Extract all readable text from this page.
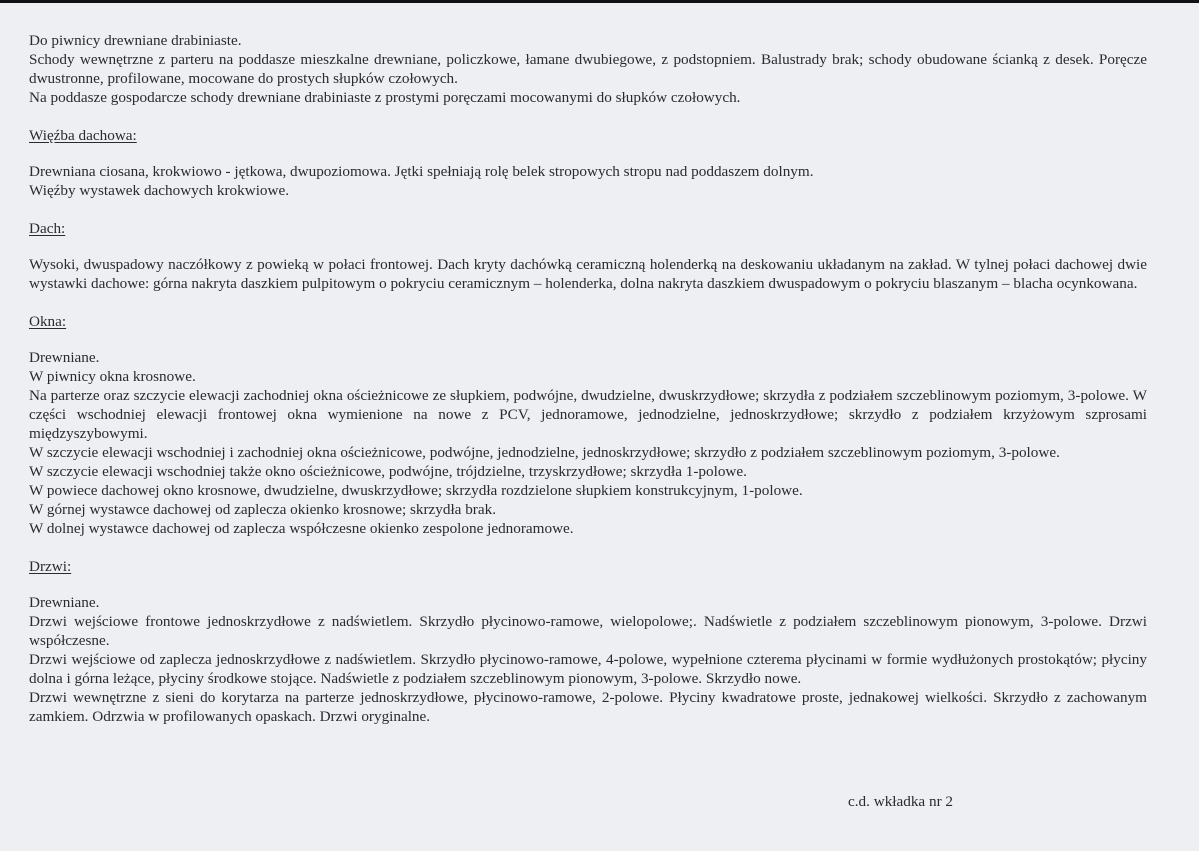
Do piwnicy drewniane drabiniaste.

Schody wewnętrzne z parteru na poddasze mieszkalne drewniane, policzkowe, łamane dwubiegowe, z podstopniem. Balustrady brak; schody obudowane ścianką z desek. Poręcze dwustronne, profilowane, mocowane do prostych słupków czołowych.

Na poddasze gospodarcze schody drewniane drabiniaste z prostymi poręczami mocowanymi do słupków czołowych.

Więźba dachowa:

Drewniana ciosana, krokwiowo - jętkowa, dwupoziomowa. Jętki spełniają rolę belek stropowych stropu nad poddaszem dolnym.

Więźby wystawek dachowych krokwiowe.

Dach:

Wysoki, dwuspadowy naczółkowy z powieką w połaci frontowej. Dach kryty dachówką ceramiczną holenderką na deskowaniu układanym na zakład. W tylnej połaci dachowej dwie wystawki dachowe: górna nakryta daszkiem pulpitowym o pokryciu ceramicznym – holenderka, dolna nakryta daszkiem dwuspadowym o pokryciu blaszanym – blacha ocynkowana.

Okna:

Drewniane.

W piwnicy okna krosnowe.

Na parterze oraz szczycie elewacji zachodniej okna ościeżnicowe ze słupkiem, podwójne, dwudzielne, dwuskrzydłowe; skrzydła z podziałem szczeblinowym poziomym, 3-polowe. W części wschodniej elewacji frontowej okna wymienione na nowe z PCV, jednoramowe, jednodzielne, jednoskrzydłowe; skrzydło z podziałem krzyżowym szprosami międzyszybowymi.

W szczycie elewacji wschodniej i zachodniej okna ościeżnicowe, podwójne, jednodzielne, jednoskrzydłowe; skrzydło z podziałem szczeblinowym poziomym, 3-polowe.

W szczycie elewacji wschodniej także okno ościeżnicowe, podwójne, trójdzielne, trzyskrzydłowe; skrzydła 1-polowe.

W powiece dachowej okno krosnowe, dwudzielne, dwuskrzydłowe; skrzydła rozdzielone słupkiem konstrukcyjnym, 1-polowe.

W górnej wystawce dachowej od zaplecza okienko krosnowe; skrzydła brak.

W dolnej wystawce dachowej od zaplecza współczesne okienko zespolone jednoramowe.

Drzwi:

Drewniane.

Drzwi wejściowe frontowe jednoskrzydłowe z nadświetlem. Skrzydło płycinowo-ramowe, wielopolowe;. Nadświetle z podziałem szczeblinowym pionowym, 3-polowe. Drzwi współczesne.

Drzwi wejściowe od zaplecza jednoskrzydłowe z nadświetlem. Skrzydło płycinowo-ramowe, 4-polowe, wypełnione czterema płycinami w formie wydłużonych prostokątów; płyciny dolna i górna leżące, płyciny środkowe stojące. Nadświetle z podziałem szczeblinowym pionowym, 3-polowe. Skrzydło nowe.

Drzwi wewnętrzne z sieni do korytarza na parterze jednoskrzydłowe, płycinowo-ramowe, 2-polowe. Płyciny kwadratowe proste, jednakowej wielkości. Skrzydło z zachowanym zamkiem. Odrzwia w profilowanych opaskach. Drzwi oryginalne.

c.d. wkładka nr 2
